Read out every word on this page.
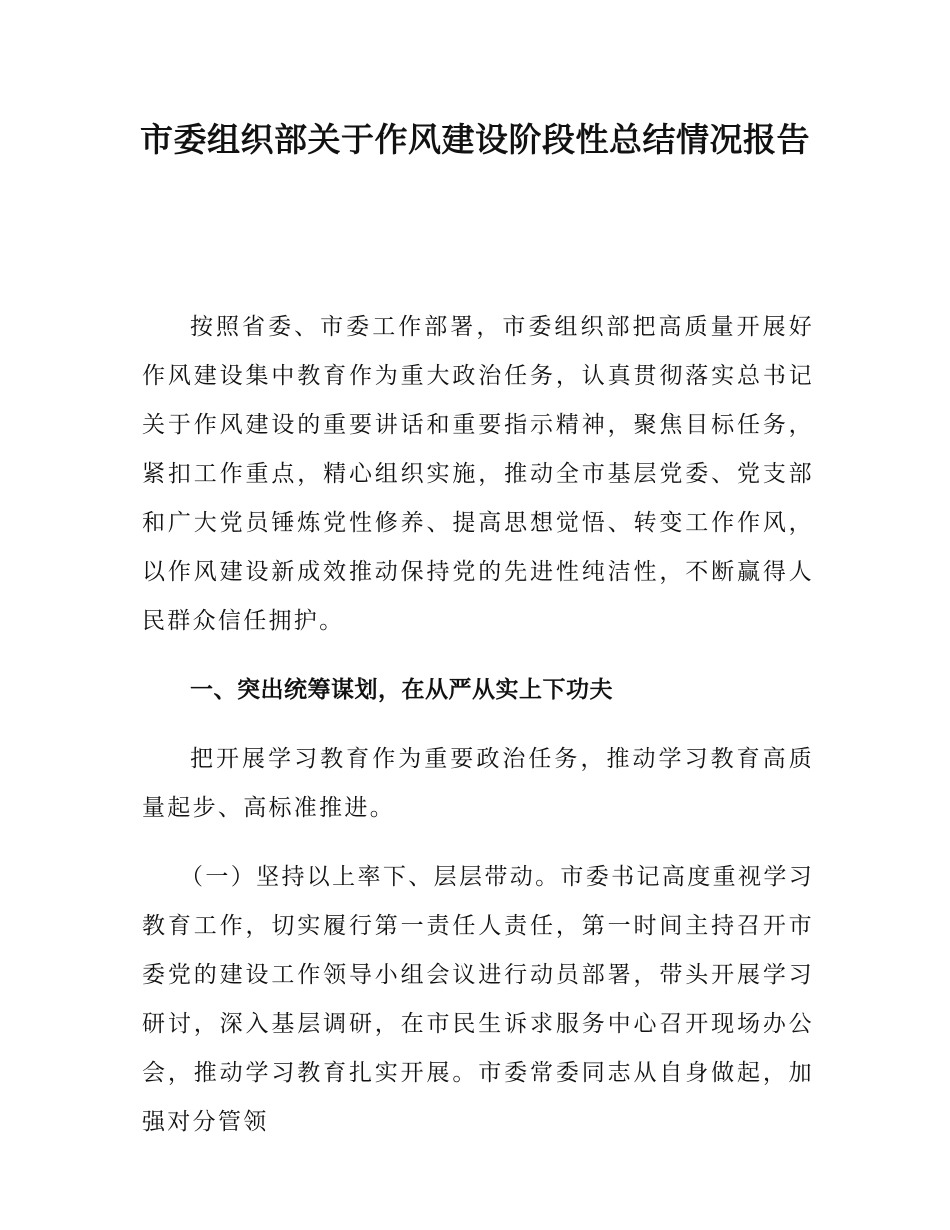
市委组织部关于作风建设阶段性总结情况报告

按照省委、市委工作部署，市委组织部把高质量开展好作风建设集中教育作为重大政治任务，认真贯彻落实总书记关于作风建设的重要讲话和重要指示精神，聚焦目标任务，紧扣工作重点，精心组织实施，推动全市基层党委、党支部和广大党员锤炼党性修养、提高思想觉悟、转变工作作风，以作风建设新成效推动保持党的先进性纯洁性，不断赢得人民群众信任拥护。

一、突出统筹谋划，在从严从实上下功夫

把开展学习教育作为重要政治任务，推动学习教育高质量起步、高标准推进。

（一）坚持以上率下、层层带动。市委书记高度重视学习教育工作，切实履行第一责任人责任，第一时间主持召开市委党的建设工作领导小组会议进行动员部署，带头开展学习研讨，深入基层调研，在市民生诉求服务中心召开现场办公会，推动学习教育扎实开展。市委常委同志从自身做起，加强对分管领
